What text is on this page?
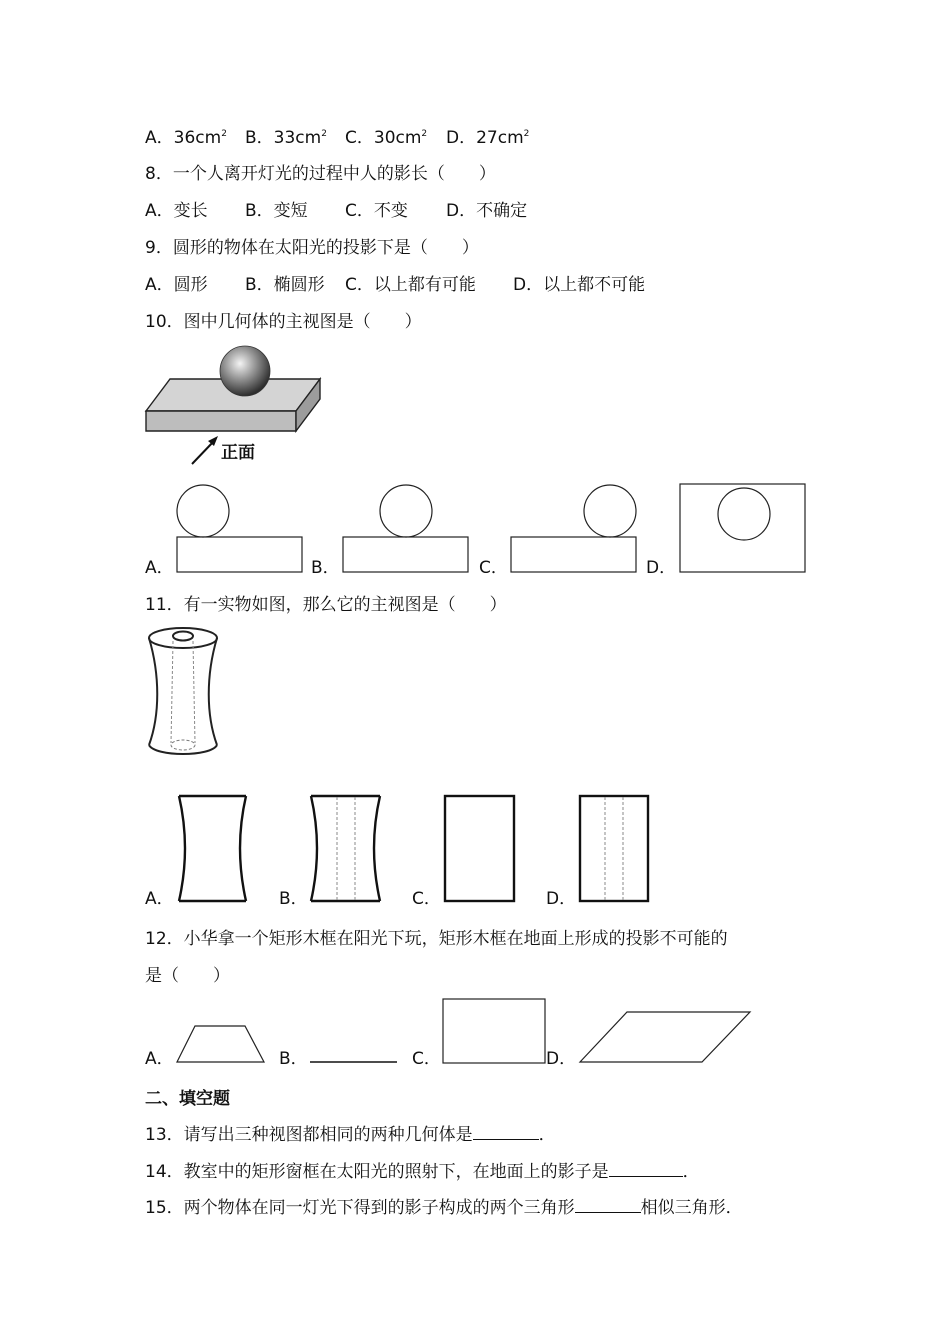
A．$36cm^2$ B．$33cm^2$ C．$30cm^2$ D．$27cm^2$
8．一个人离开灯光的过程中人的影长（　　）
A．变长 B．变短 C．不变 D．不确定
9．圆形的物体在太阳光的投影下是（　　）
A．圆形 B．椭圆形 C．以上都有可能 D．以上都不可能
10．图中几何体的主视图是（　　）
正面
A．	B．	C．	D．
11．有一实物如图，那么它的主视图是（　　）
A．	B．	C．	D．
12．小华拿一个矩形木框在阳光下玩，矩形木框在地面上形成的投影不可能的
是（　　）
A．	B．	C．	D．
二、填空题
13．请写出三种视图都相同的两种几何体是	．
14．教室中的矩形窗框在太阳光的照射下，在地面上的影子是	．
15．两个物体在同一灯光下得到的影子构成的两个三角形	相似三角形．
